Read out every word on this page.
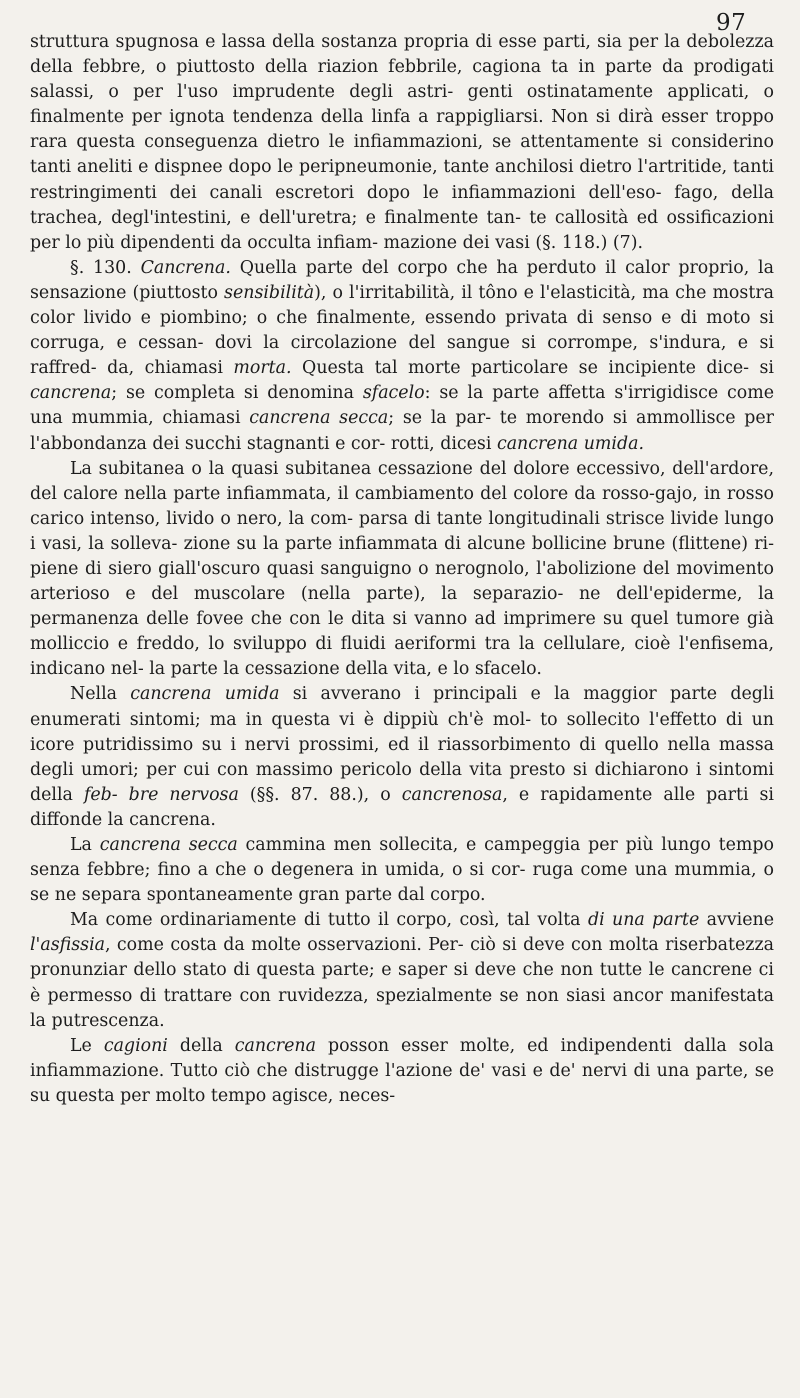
97

struttura spugnosa e lassa della sostanza propria di esse parti, sia per la debolezza della febbre, o piuttosto della riazion febbrile, cagiona ta in parte da prodigati salassi, o per l'uso imprudente degli astri- genti ostinatamente applicati, o finalmente per ignota tendenza della linfa a rappigliarsi. Non si dirà esser troppo rara questa conseguenza dietro le infiammazioni, se attentamente si considerino tanti aneliti e dispnee dopo le peripneumonie, tante anchilosi dietro l'artritide, tanti restringimenti dei canali escretori dopo le infiammazioni dell'eso- fago, della trachea, degl'intestini, e dell'uretra; e finalmente tan- te callosità ed ossificazioni per lo più dipendenti da occulta infiam- mazione dei vasi (§. 118.) (7).

§. 130. Cancrena. Quella parte del corpo che ha perduto il calor proprio, la sensazione (piuttosto sensibilità), o l'irritabilità, il tôno e l'elasticità, ma che mostra color livido e piombino; o che finalmente, essendo privata di senso e di moto si corruga, e cessan- dovi la circolazione del sangue si corrompe, s'indura, e si raffred- da, chiamasi morta. Questa tal morte particolare se incipiente dice- si cancrena; se completa si denomina sfacelo: se la parte affetta s'irrigidisce come una mummia, chiamasi cancrena secca; se la par- te morendo si ammollisce per l'abbondanza dei succhi stagnanti e cor- rotti, dicesi cancrena umida.

La subitanea o la quasi subitanea cessazione del dolore eccessivo, dell'ardore, del calore nella parte infiammata, il cambiamento del colore da rosso-gajo, in rosso carico intenso, livido o nero, la com- parsa di tante longitudinali strisce livide lungo i vasi, la solleva- zione su la parte infiammata di alcune bollicine brune (flittene) ri- piene di siero giall'oscuro quasi sanguigno o nerognolo, l'abolizione del movimento arterioso e del muscolare (nella parte), la separazio- ne dell'epiderme, la permanenza delle fovee che con le dita si vanno ad imprimere su quel tumore già molliccio e freddo, lo sviluppo di fluidi aeriformi tra la cellulare, cioè l'enfisema, indicano nel- la parte la cessazione della vita, e lo sfacelo.

Nella cancrena umida si avverano i principali e la maggior parte degli enumerati sintomi; ma in questa vi è dippiù ch'è mol- to sollecito l'effetto di un icore putridissimo su i nervi prossimi, ed il riassorbimento di quello nella massa degli umori; per cui con massimo pericolo della vita presto si dichiarono i sintomi della feb- bre nervosa (§§. 87. 88.), o cancrenosa, e rapidamente alle parti si diffonde la cancrena.

La cancrena secca cammina men sollecita, e campeggia per più lungo tempo senza febbre; fino a che o degenera in umida, o si cor- ruga come una mummia, o se ne separa spontaneamente gran parte dal corpo.

Ma come ordinariamente di tutto il corpo, così, tal volta di una parte avviene l'asfissia, come costa da molte osservazioni. Per- ciò si deve con molta riserbatezza pronunziar dello stato di questa parte; e saper si deve che non tutte le cancrene ci è permesso di trattare con ruvidezza, spezialmente se non siasi ancor manifestata la putrescenza.

Le cagioni della cancrena posson esser molte, ed indipendenti dalla sola infiammazione. Tutto ciò che distrugge l'azione de' vasi e de' nervi di una parte, se su questa per molto tempo agisce, neces-
